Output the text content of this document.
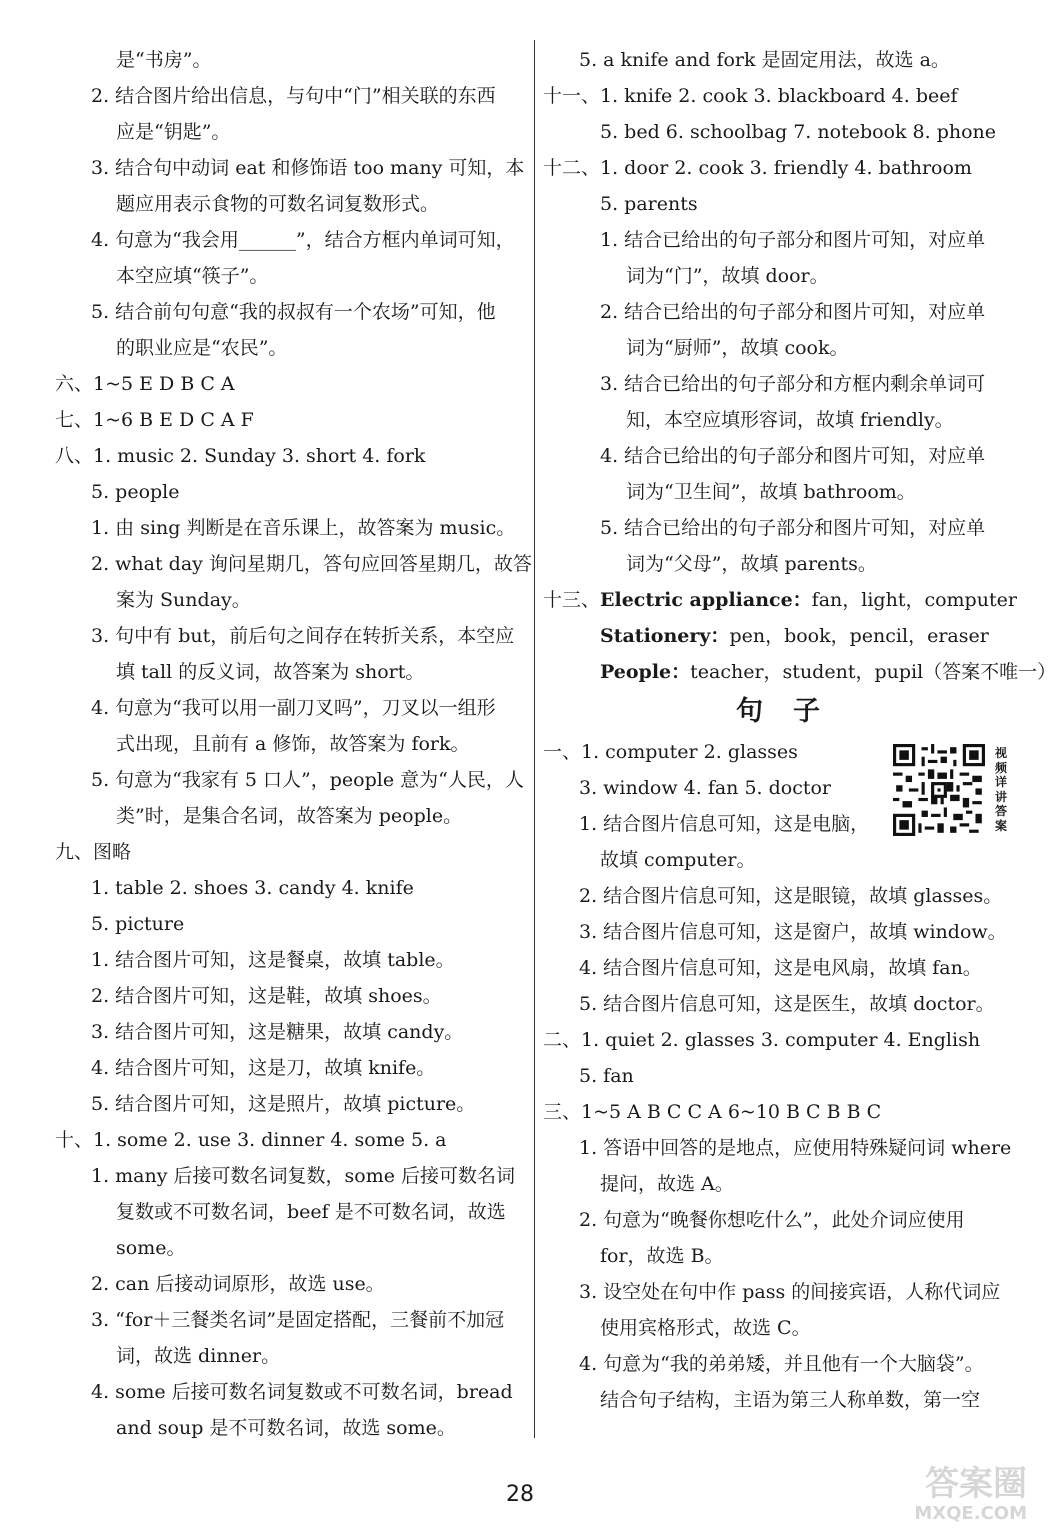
是“书房”。
2. 结合图片给出信息，与句中“门”相关联的东西
应是“钥匙”。
3. 结合句中动词 eat 和修饰语 too many 可知，本
题应用表示食物的可数名词复数形式。
4. 句意为“我会用______”，结合方框内单词可知，
本空应填“筷子”。
5. 结合前句句意“我的叔叔有一个农场”可知，他
的职业应是“农民”。
六、1~5 E D B C A
七、1~6 B E D C A F
八、1. music 2. Sunday 3. short 4. fork
5. people
1. 由 sing 判断是在音乐课上，故答案为 music。
2. what day 询问星期几，答句应回答星期几，故答
案为 Sunday。
3. 句中有 but，前后句之间存在转折关系，本空应
填 tall 的反义词，故答案为 short。
4. 句意为“我可以用一副刀叉吗”，刀叉以一组形
式出现，且前有 a 修饰，故答案为 fork。
5. 句意为“我家有 5 口人”，people 意为“人民，人
类”时，是集合名词，故答案为 people。
九、图略
1. table 2. shoes 3. candy 4. knife
5. picture
1. 结合图片可知，这是餐桌，故填 table。
2. 结合图片可知，这是鞋，故填 shoes。
3. 结合图片可知，这是糖果，故填 candy。
4. 结合图片可知，这是刀，故填 knife。
5. 结合图片可知，这是照片，故填 picture。
十、1. some 2. use 3. dinner 4. some 5. a
1. many 后接可数名词复数，some 后接可数名词
复数或不可数名词，beef 是不可数名词，故选
some。
2. can 后接动词原形，故选 use。
3. “for＋三餐类名词”是固定搭配，三餐前不加冠
词，故选 dinner。
4. some 后接可数名词复数或不可数名词，bread
and soup 是不可数名词，故选 some。
5. a knife and fork 是固定用法，故选 a。
十一、1. knife 2. cook 3. blackboard 4. beef
5. bed 6. schoolbag 7. notebook 8. phone
十二、1. door 2. cook 3. friendly 4. bathroom
5. parents
1. 结合已给出的句子部分和图片可知，对应单
词为“门”，故填 door。
2. 结合已给出的句子部分和图片可知，对应单
词为“厨师”，故填 cook。
3. 结合已给出的句子部分和方框内剩余单词可
知，本空应填形容词，故填 friendly。
4. 结合已给出的句子部分和图片可知，对应单
词为“卫生间”，故填 bathroom。
5. 结合已给出的句子部分和图片可知，对应单
词为“父母”，故填 parents。
十三、Electric appliance：fan，light，computer
Stationery：pen，book，pencil，eraser
People：teacher，student，pupil（答案不唯一）
句子
一、1. computer 2. glasses
3. window 4. fan 5. doctor
1. 结合图片信息可知，这是电脑，
故填 computer。
2. 结合图片信息可知，这是眼镜，故填 glasses。
3. 结合图片信息可知，这是窗户，故填 window。
4. 结合图片信息可知，这是电风扇，故填 fan。
5. 结合图片信息可知，这是医生，故填 doctor。
二、1. quiet 2. glasses 3. computer 4. English
5. fan
三、1~5 A B C C A 6~10 B C B B C
1. 答语中回答的是地点，应使用特殊疑问词 where
提问，故选 A。
2. 句意为“晚餐你想吃什么”，此处介词应使用
for，故选 B。
3. 设空处在句中作 pass 的间接宾语，人称代词应
使用宾格形式，故选 C。
4. 句意为“我的弟弟矮，并且他有一个大脑袋”。
结合句子结构，主语为第三人称单数，第一空
视频详讲答案
28	答案圈
MXQE.COM
